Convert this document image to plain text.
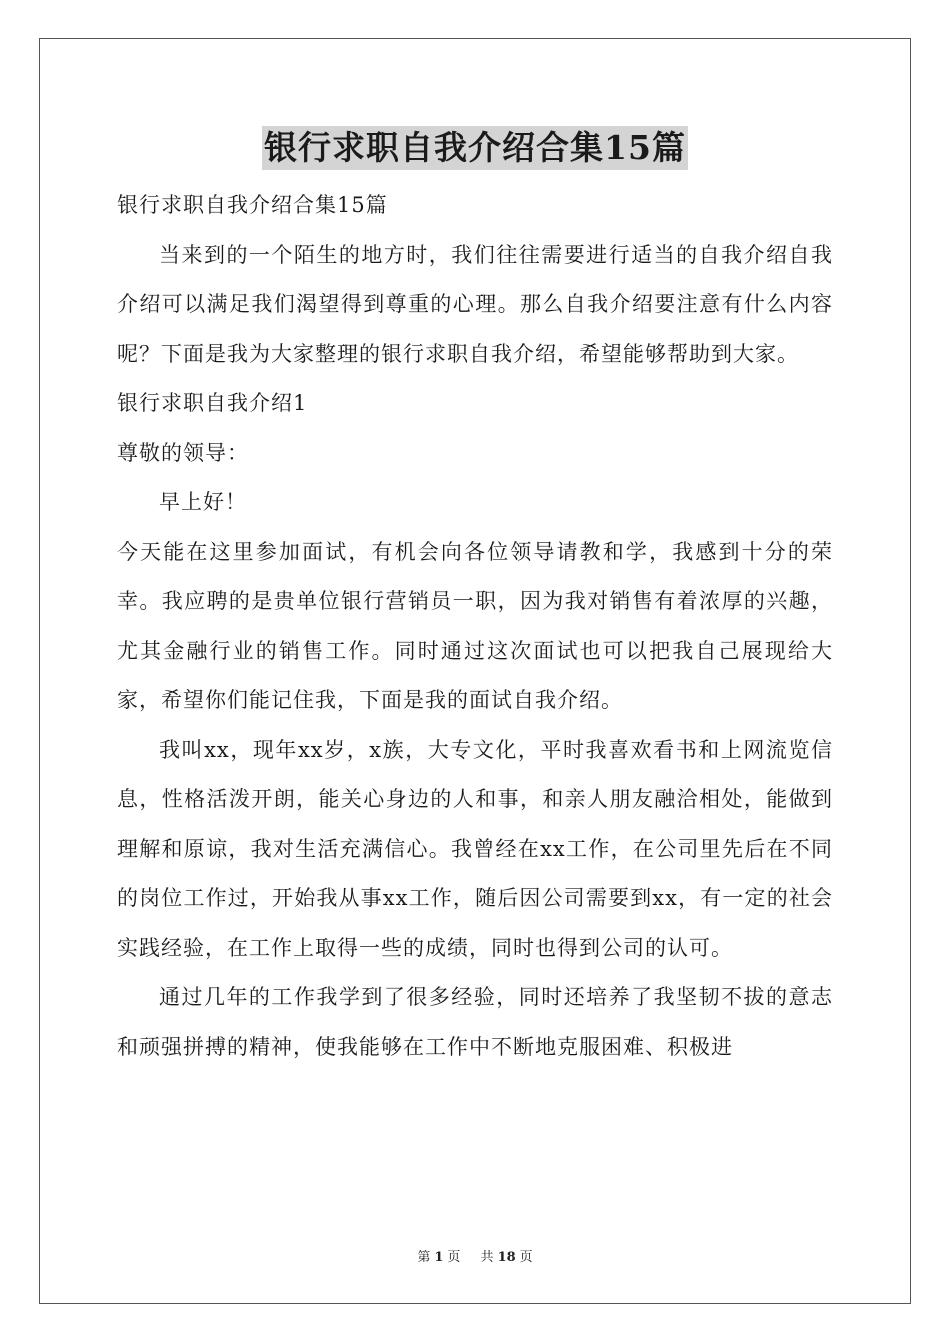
银行求职自我介绍合集15篇

银行求职自我介绍合集15篇

当来到的一个陌生的地方时，我们往往需要进行适当的自我介绍自我介绍可以满足我们渴望得到尊重的心理。那么自我介绍要注意有什么内容呢？下面是我为大家整理的银行求职自我介绍，希望能够帮助到大家。

银行求职自我介绍1

尊敬的领导：

早上好！

今天能在这里参加面试，有机会向各位领导请教和学，我感到十分的荣幸。我应聘的是贵单位银行营销员一职，因为我对销售有着浓厚的兴趣，尤其金融行业的销售工作。同时通过这次面试也可以把我自己展现给大家，希望你们能记住我，下面是我的面试自我介绍。

我叫xx，现年xx岁，x族，大专文化，平时我喜欢看书和上网流览信息，性格活泼开朗，能关心身边的人和事，和亲人朋友融洽相处，能做到理解和原谅，我对生活充满信心。我曾经在xx工作，在公司里先后在不同的岗位工作过，开始我从事xx工作，随后因公司需要到xx，有一定的社会实践经验，在工作上取得一些的成绩，同时也得到公司的认可。

通过几年的工作我学到了很多经验，同时还培养了我坚韧不拔的意志和顽强拼搏的精神，使我能够在工作中不断地克服困难、积极进

第 1 页 共 18 页
